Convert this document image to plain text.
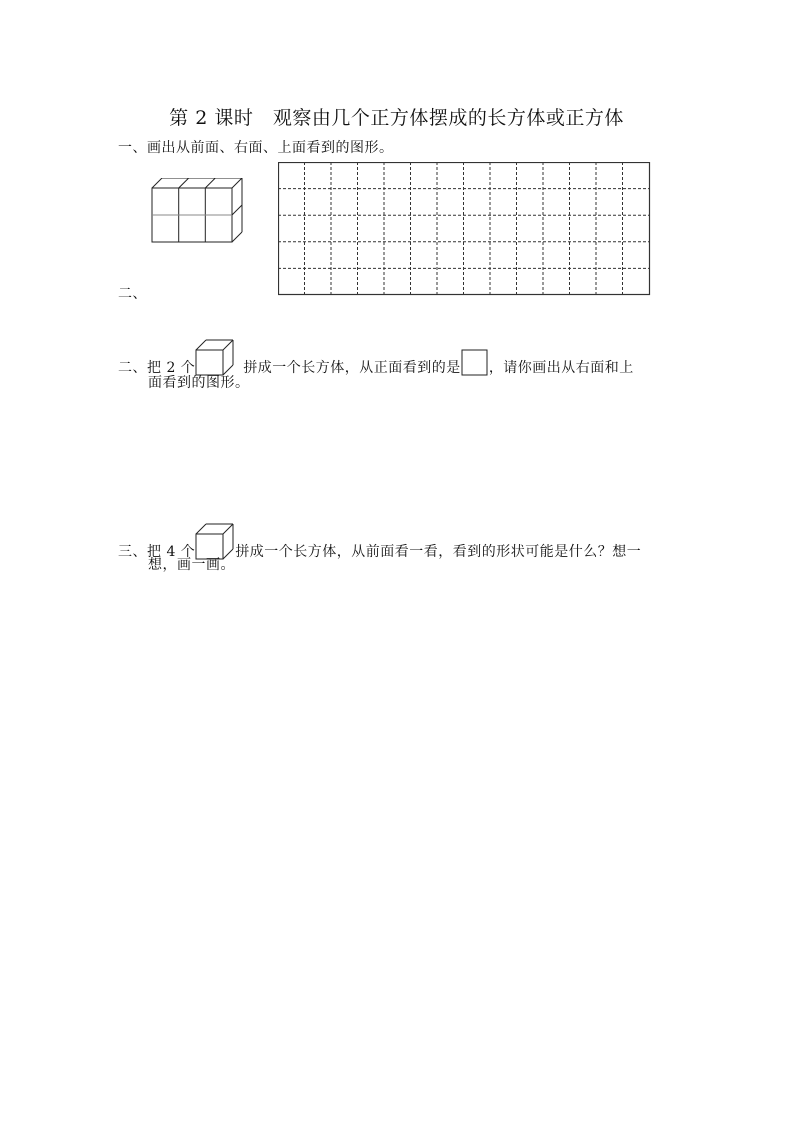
第 2 课时　观察由几个正方体摆成的长方体或正方体
一、画出从前面、右面、上面看到的图形。
二、
二、把 2 个	拼成一个长方体，从正面看到的是 ，请你画出从右面和上
面看到的图形。
三、把 4 个	拼成一个长方体，从前面看一看，看到的形状可能是什么？想一
想，画一画。
